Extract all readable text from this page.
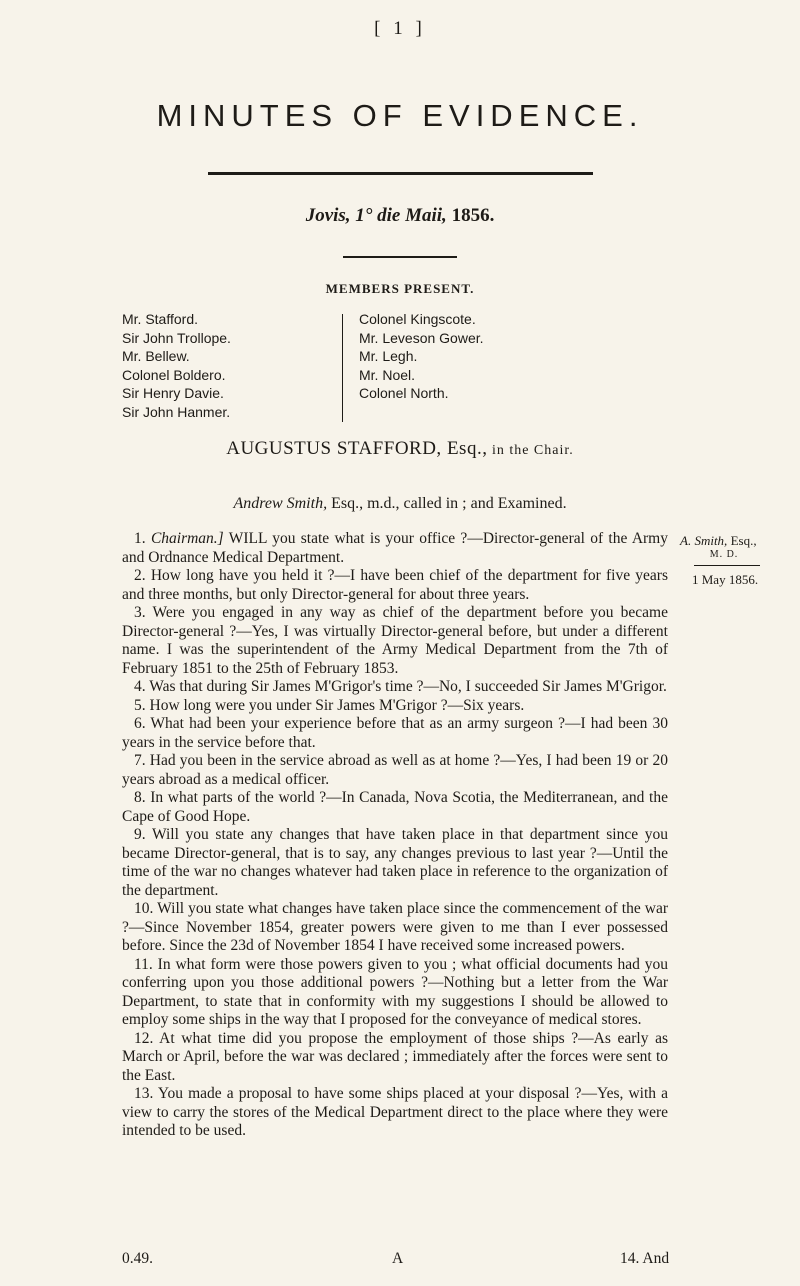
[ 1 ]
MINUTES OF EVIDENCE.
Jovis, 1° die Maii, 1856.
MEMBERS PRESENT.
Mr. Stafford.
Sir John Trollope.
Mr. Bellew.
Colonel Boldero.
Sir Henry Davie.
Sir John Hanmer.
Colonel Kingscote.
Mr. Leveson Gower.
Mr. Legh.
Mr. Noel.
Colonel North.
AUGUSTUS STAFFORD, Esq., in the Chair.
Andrew Smith, Esq., m.d., called in ; and Examined.
A. Smith, Esq.,
M. D.
1 May 1856.

1. Chairman.] WILL you state what is your office ?—Director-general of the Army and Ordnance Medical Department.

2. How long have you held it ?—I have been chief of the department for five years and three months, but only Director-general for about three years.

3. Were you engaged in any way as chief of the department before you became Director-general ?—Yes, I was virtually Director-general before, but under a different name. I was the superintendent of the Army Medical Department from the 7th of February 1851 to the 25th of February 1853.

4. Was that during Sir James M'Grigor's time ?—No, I succeeded Sir James M'Grigor.

5. How long were you under Sir James M'Grigor ?—Six years.

6. What had been your experience before that as an army surgeon ?—I had been 30 years in the service before that.

7. Had you been in the service abroad as well as at home ?—Yes, I had been 19 or 20 years abroad as a medical officer.

8. In what parts of the world ?—In Canada, Nova Scotia, the Mediterranean, and the Cape of Good Hope.

9. Will you state any changes that have taken place in that department since you became Director-general, that is to say, any changes previous to last year ?—Until the time of the war no changes whatever had taken place in reference to the organization of the department.

10. Will you state what changes have taken place since the commencement of the war ?—Since November 1854, greater powers were given to me than I ever possessed before. Since the 23d of November 1854 I have received some increased powers.

11. In what form were those powers given to you ; what official documents had you conferring upon you those additional powers ?—Nothing but a letter from the War Department, to state that in conformity with my suggestions I should be allowed to employ some ships in the way that I proposed for the conveyance of medical stores.

12. At what time did you propose the employment of those ships ?—As early as March or April, before the war was declared ; immediately after the forces were sent to the East.

13. You made a proposal to have some ships placed at your disposal ?—Yes, with a view to carry the stores of the Medical Department direct to the place where they were intended to be used.

0.49.	A	14. And
